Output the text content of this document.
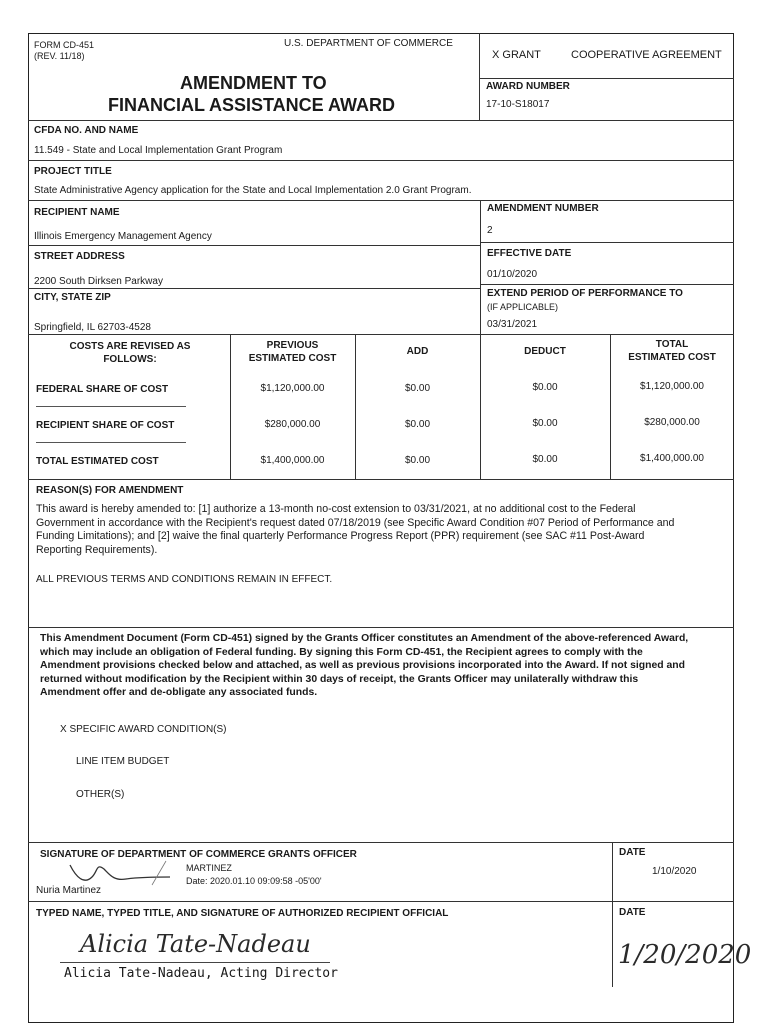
FORM CD-451
(REV. 11/18)
U.S. DEPARTMENT OF COMMERCE
AMENDMENT TO
FINANCIAL ASSISTANCE AWARD
X GRANT	COOPERATIVE AGREEMENT
AWARD NUMBER
17-10-S18017
CFDA NO. AND NAME
11.549 - State and Local Implementation Grant Program
PROJECT TITLE
State Administrative Agency application for the State and Local Implementation 2.0 Grant Program.
RECIPIENT NAME
Illinois Emergency Management Agency
STREET ADDRESS
2200 South Dirksen Parkway
CITY, STATE ZIP
Springfield, IL 62703-4528
AMENDMENT NUMBER
2
EFFECTIVE DATE
01/10/2020
EXTEND PERIOD OF PERFORMANCE TO
(IF APPLICABLE)
03/31/2021
COSTS ARE REVISED AS
FOLLOWS:
PREVIOUS
ESTIMATED COST
ADD	DEDUCT
TOTAL
ESTIMATED COST
FEDERAL SHARE OF COST	$1,120,000.00	$0.00	$0.00	$1,120,000.00
RECIPIENT SHARE OF COST	$280,000.00	$0.00	$0.00	$280,000.00
TOTAL ESTIMATED COST	$1,400,000.00	$0.00	$0.00	$1,400,000.00
REASON(S) FOR AMENDMENT
This award is hereby amended to: [1] authorize a 13-month no-cost extension to 03/31/2021, at no additional cost to the Federal Government in accordance with the Recipient's request dated 07/18/2019 (see Specific Award Condition #07 Period of Performance and Funding Limitations); and [2] waive the final quarterly Performance Progress Report (PPR) requirement (see SAC #11 Post-Award Reporting Requirements).
ALL PREVIOUS TERMS AND CONDITIONS REMAIN IN EFFECT.
This Amendment Document (Form CD-451) signed by the Grants Officer constitutes an Amendment of the above-referenced Award, which may include an obligation of Federal funding. By signing this Form CD-451, the Recipient agrees to comply with the Amendment provisions checked below and attached, as well as previous provisions incorporated into the Award. If not signed and returned without modification by the Recipient within 30 days of receipt, the Grants Officer may unilaterally withdraw this Amendment offer and de-obligate any associated funds.
X SPECIFIC AWARD CONDITION(S)
LINE ITEM BUDGET
OTHER(S)
SIGNATURE OF DEPARTMENT OF COMMERCE GRANTS OFFICER
MARTINEZ
Date: 2020.01.10 09:09:58 -05'00'
Nuria Martinez
DATE
1/10/2020
TYPED NAME, TYPED TITLE, AND SIGNATURE OF AUTHORIZED RECIPIENT OFFICIAL	DATE
Alicia Tate-Nadeau
Alicia Tate-Nadeau, Acting Director
1/20/2020
